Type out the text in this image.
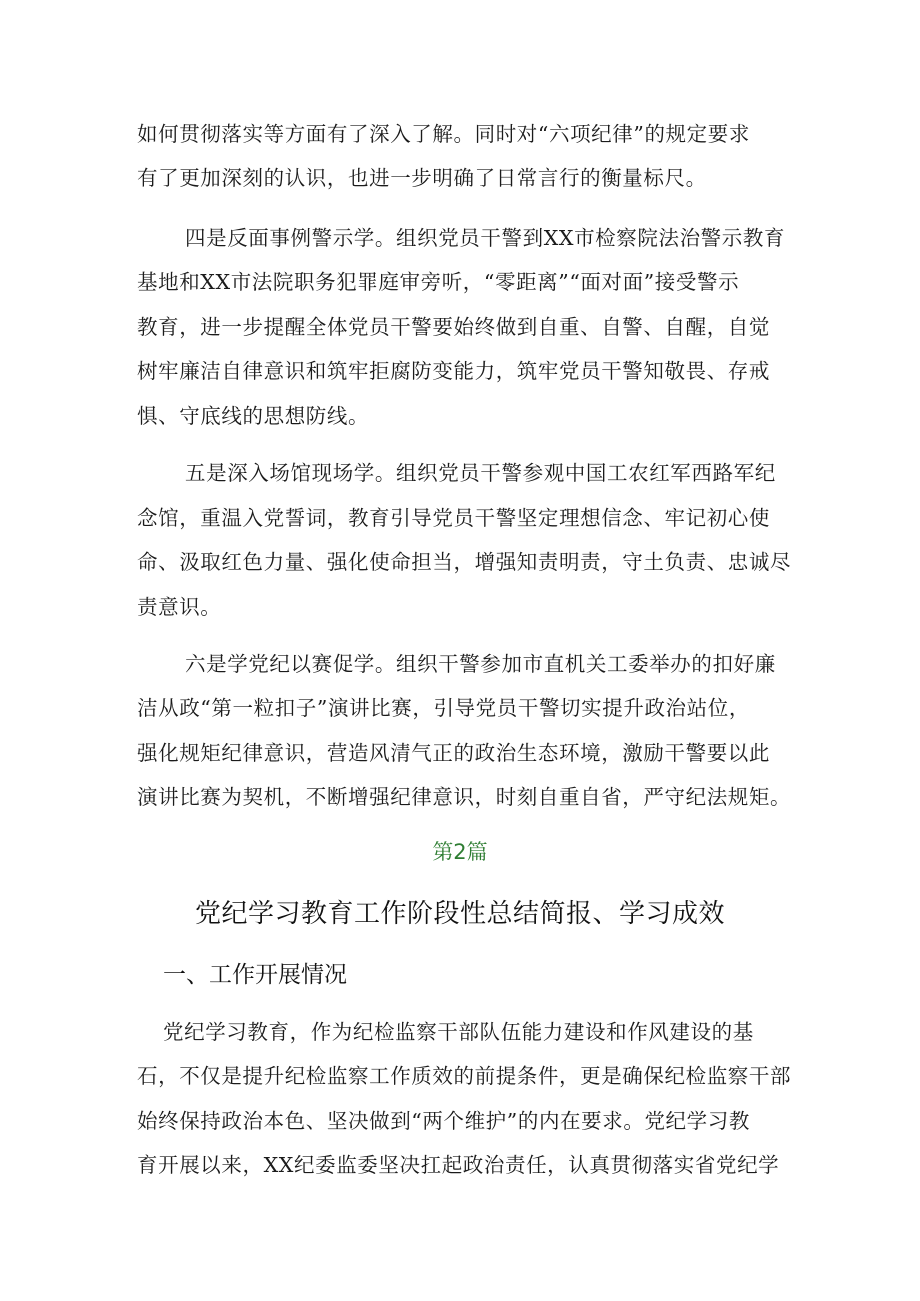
如何贯彻落实等方面有了深入了解。同时对“六项纪律”的规定要求
有了更加深刻的认识，也进一步明确了日常言行的衡量标尺。
四是反面事例警示学。组织党员干警到XX市检察院法治警示教育
基地和XX市法院职务犯罪庭审旁听，“零距离”“面对面”接受警示
教育，进一步提醒全体党员干警要始终做到自重、自警、自醒，自觉
树牢廉洁自律意识和筑牢拒腐防变能力，筑牢党员干警知敬畏、存戒
惧、守底线的思想防线。
五是深入场馆现场学。组织党员干警参观中国工农红军西路军纪
念馆，重温入党誓词，教育引导党员干警坚定理想信念、牢记初心使
命、汲取红色力量、强化使命担当，增强知责明责，守土负责、忠诚尽
责意识。
六是学党纪以赛促学。组织干警参加市直机关工委举办的扣好廉
洁从政“第一粒扣子”演讲比赛，引导党员干警切实提升政治站位，
强化规矩纪律意识，营造风清气正的政治生态环境，激励干警要以此
演讲比赛为契机，不断增强纪律意识，时刻自重自省，严守纪法规矩。
第2篇
党纪学习教育工作阶段性总结简报、学习成效
一、工作开展情况
党纪学习教育，作为纪检监察干部队伍能力建设和作风建设的基
石，不仅是提升纪检监察工作质效的前提条件，更是确保纪检监察干部
始终保持政治本色、坚决做到“两个维护”的内在要求。党纪学习教
育开展以来，XX纪委监委坚决扛起政治责任，认真贯彻落实省党纪学
